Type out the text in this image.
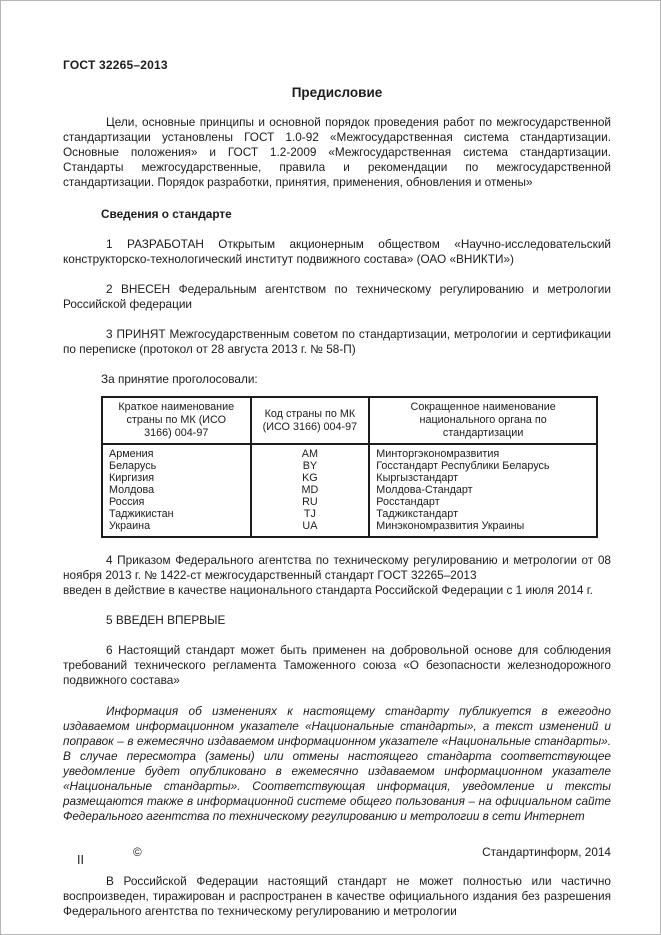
ГОСТ 32265–2013

Предисловие

Цели, основные принципы и основной порядок проведения работ по межгосударственной стандартизации установлены ГОСТ 1.0-92 «Межгосударственная система стандартизации. Основные положения» и ГОСТ 1.2-2009 «Межгосударственная система стандартизации. Стандарты межгосударственные, правила и рекомендации по межгосударственной стандартизации. Порядок разработки, принятия, применения, обновления и отмены»

Сведения о стандарте

1 РАЗРАБОТАН Открытым акционерным обществом «Научно-исследовательский конструкторско-технологический институт подвижного состава» (ОАО «ВНИКТИ»)

2 ВНЕСЕН Федеральным агентством по техническому регулированию и метрологии Российской федерации

3 ПРИНЯТ Межгосударственным советом по стандартизации, метрологии и сертификации по переписке (протокол от 28 августа 2013 г. № 58-П)

За принятие проголосовали:

Краткое наименование страны по МК (ИСО 3166) 004-97	Код страны по МК (ИСО 3166) 004-97	Сокращенное наименование национального органа по стандартизации
Армения	AM	Минторгэкономразвития
Беларусь	BY	Госстандарт Республики Беларусь
Киргизия	KG	Кыргызстандарт
Молдова	MD	Молдова-Стандарт
Россия	RU	Росстандарт
Таджикистан	TJ	Таджикстандарт
Украина	UA	Минэкономразвития Украины

4 Приказом Федерального агентства по техническому регулированию и метрологии от 08 ноября 2013 г. № 1422-ст межгосударственный стандарт ГОСТ 32265–2013
введен в действие в качестве национального стандарта Российской Федерации с 1 июля 2014 г.

5 ВВЕДЕН ВПЕРВЫЕ

6 Настоящий стандарт может быть применен на добровольной основе для соблюдения требований технического регламента Таможенного союза «О безопасности железнодорожного подвижного состава»

Информация об изменениях к настоящему стандарту публикуется в ежегодно издаваемом информационном указателе «Национальные стандарты», а текст изменений и поправок – в ежемесячно издаваемом информационном указателе «Национальные стандарты». В случае пересмотра (замены) или отмены настоящего стандарта соответствующее уведомление будет опубликовано в ежемесячно издаваемом информационном указателе «Национальные стандарты». Соответствующая информация, уведомление и тексты размещаются также в информационной системе общего пользования – на официальном сайте Федерального агентства по техническому регулированию и метрологии в сети Интернет

©	Стандартинформ, 2014

В Российской Федерации настоящий стандарт не может полностью или частично воспроизведен, тиражирован и распространен в качестве официального издания без разрешения Федерального агентства по техническому регулированию и метрологии

II
